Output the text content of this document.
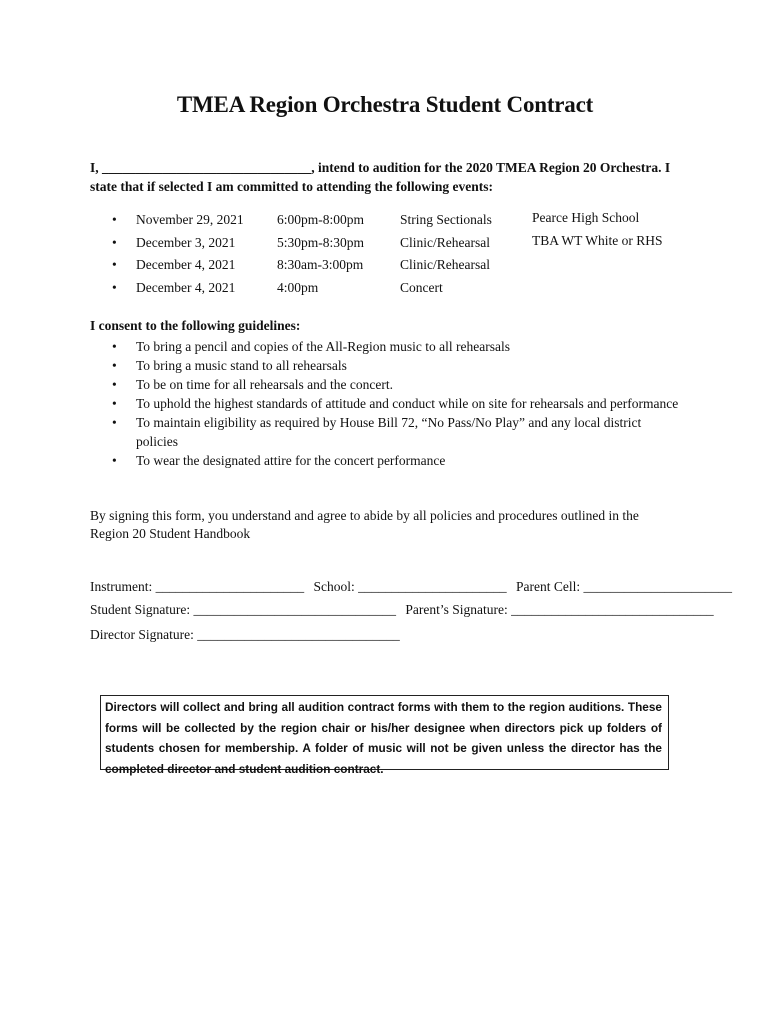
TMEA Region Orchestra Student Contract
I, _______________________________, intend to audition for the 2020 TMEA Region 20 Orchestra. I
state that if selected I am committed to attending the following events:
• November 29, 2021 6:00pm-8:00pm	String Sectionals	Pearce High School
• December 3, 2021	5:30pm-8:30pm	Clinic/Rehearsal	TBA WT White or RHS
• December 4, 2021	8:30am-3:00pm	Clinic/Rehearsal
• December 4, 2021	4:00pm	Concert
I consent to the following guidelines:
• To bring a pencil and copies of the All-Region music to all rehearsals
• To bring a music stand to all rehearsals
• To be on time for all rehearsals and the concert.
• To uphold the highest standards of attitude and conduct while on site for rehearsals and performance
• To maintain eligibility as required by House Bill 72, “No Pass/No Play” and any local district policies
• To wear the designated attire for the concert performance
By signing this form, you understand and agree to abide by all policies and procedures outlined in the Region 20 Student Handbook
Instrument: ______________________ School: ______________________ Parent Cell: ______________________
Student Signature: ______________________________ Parent’s Signature: ______________________________
Director Signature: ______________________________
Directors will collect and bring all audition contract forms with them to the region auditions. These forms will be collected by the region chair or his/her designee when directors pick up folders of students chosen for membership. A folder of music will not be given unless the director has the completed director and student audition contract.
